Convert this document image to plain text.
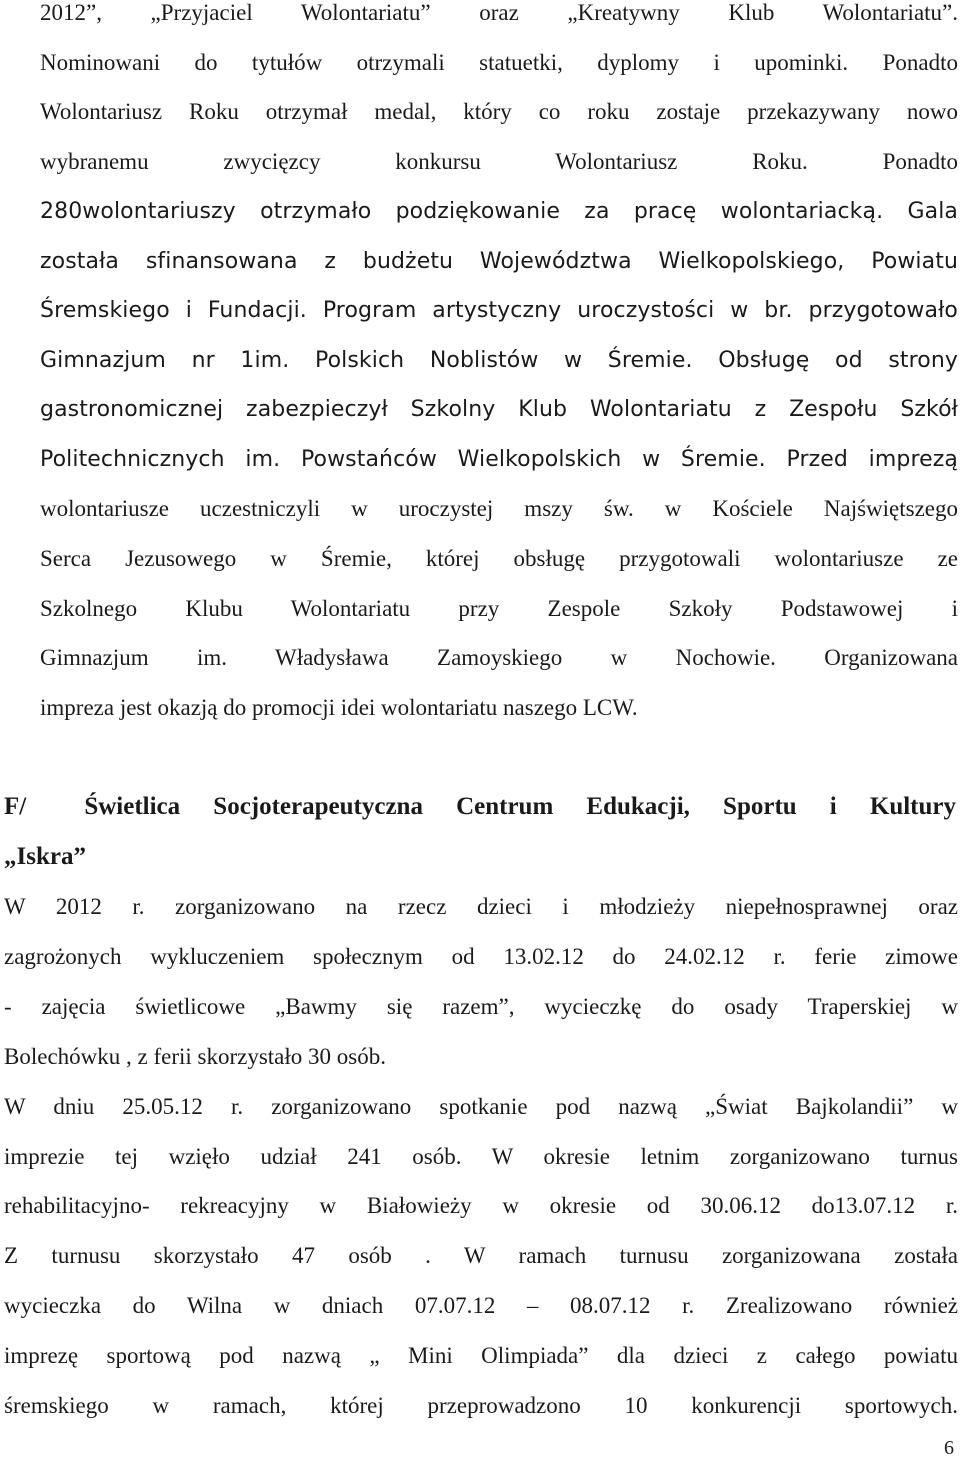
2012”, „Przyjaciel Wolontariatu” oraz „Kreatywny Klub Wolontariatu”.
Nominowani do tytułów otrzymali statuetki, dyplomy i upominki. Ponadto
Wolontariusz Roku otrzymał medal, który co roku zostaje przekazywany nowo
wybranemu zwycięzcy konkursu Wolontariusz Roku. Ponadto
280wolontariuszy otrzymało podziękowanie za pracę wolontariacką. Gala
została sfinansowana z budżetu Województwa Wielkopolskiego, Powiatu
Śremskiego i Fundacji. Program artystyczny uroczystości w br. przygotowało
Gimnazjum nr 1im. Polskich Noblistów w Śremie. Obsługę od strony
gastronomicznej zabezpieczył Szkolny Klub Wolontariatu z Zespołu Szkół
Politechnicznych im. Powstańców Wielkopolskich w Śremie. Przed imprezą
wolontariusze uczestniczyli w uroczystej mszy św. w Kościele Najświętszego
Serca Jezusowego w Śremie, której obsługę przygotowali wolontariusze ze
Szkolnego Klubu Wolontariatu przy Zespole Szkoły Podstawowej i
Gimnazjum im. Władysława Zamoyskiego w Nochowie. Organizowana
impreza jest okazją do promocji idei wolontariatu naszego LCW.
F/  Świetlica Socjoterapeutyczna Centrum Edukacji, Sportu i Kultury
„Iskra”
W 2012 r. zorganizowano na rzecz dzieci i młodzieży niepełnosprawnej oraz
zagrożonych wykluczeniem społecznym od 13.02.12 do 24.02.12 r. ferie zimowe
- zajęcia świetlicowe „Bawmy się razem”, wycieczkę do osady Traperskiej w
Bolechówku , z ferii skorzystało 30 osób.
W dniu 25.05.12 r. zorganizowano spotkanie pod nazwą „Świat Bajkolandii” w
imprezie tej wzięło udział 241 osób. W okresie letnim zorganizowano turnus
rehabilitacyjno- rekreacyjny w Białowieży w okresie od 30.06.12 do13.07.12 r.
Z turnusu skorzystało 47 osób . W ramach turnusu zorganizowana została
wycieczka do Wilna w dniach 07.07.12 – 08.07.12 r. Zrealizowano również
imprezę sportową pod nazwą „ Mini Olimpiada” dla dzieci z całego powiatu
śremskiego w ramach, której przeprowadzono 10 konkurencji sportowych.

6
